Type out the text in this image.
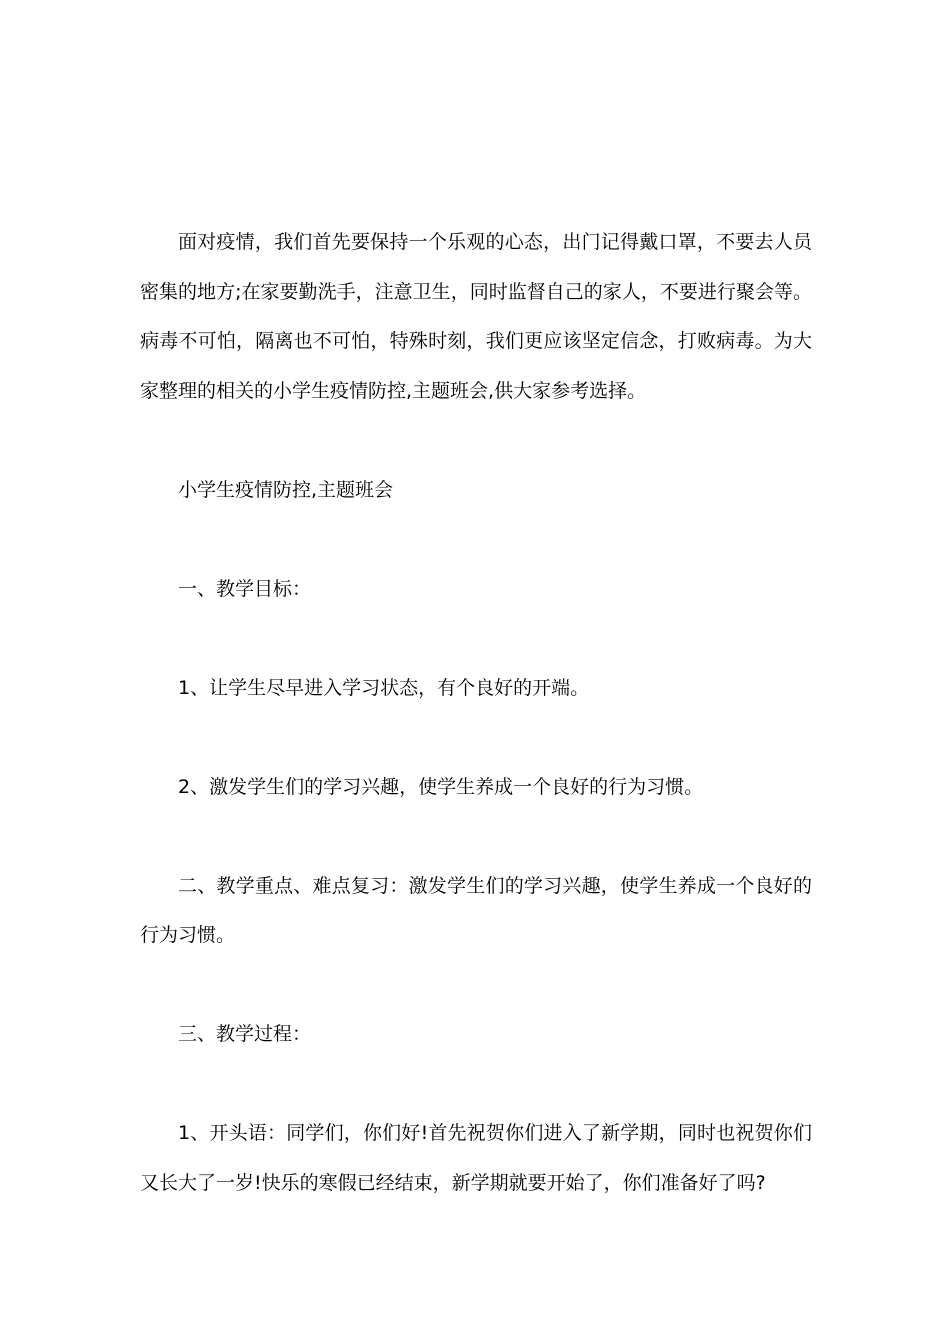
面对疫情，我们首先要保持一个乐观的心态，出门记得戴口罩，不要去人员密集的地方;在家要勤洗手，注意卫生，同时监督自己的家人，不要进行聚会等。病毒不可怕，隔离也不可怕，特殊时刻，我们更应该坚定信念，打败病毒。为大家整理的相关的小学生疫情防控,主题班会,供大家参考选择。

小学生疫情防控,主题班会

一、教学目标：

1、让学生尽早进入学习状态，有个良好的开端。

2、激发学生们的学习兴趣，使学生养成一个良好的行为习惯。

二、教学重点、难点复习：激发学生们的学习兴趣，使学生养成一个良好的行为习惯。

三、教学过程：

1、开头语：同学们，你们好!首先祝贺你们进入了新学期，同时也祝贺你们又长大了一岁!快乐的寒假已经结束，新学期就要开始了，你们准备好了吗?
